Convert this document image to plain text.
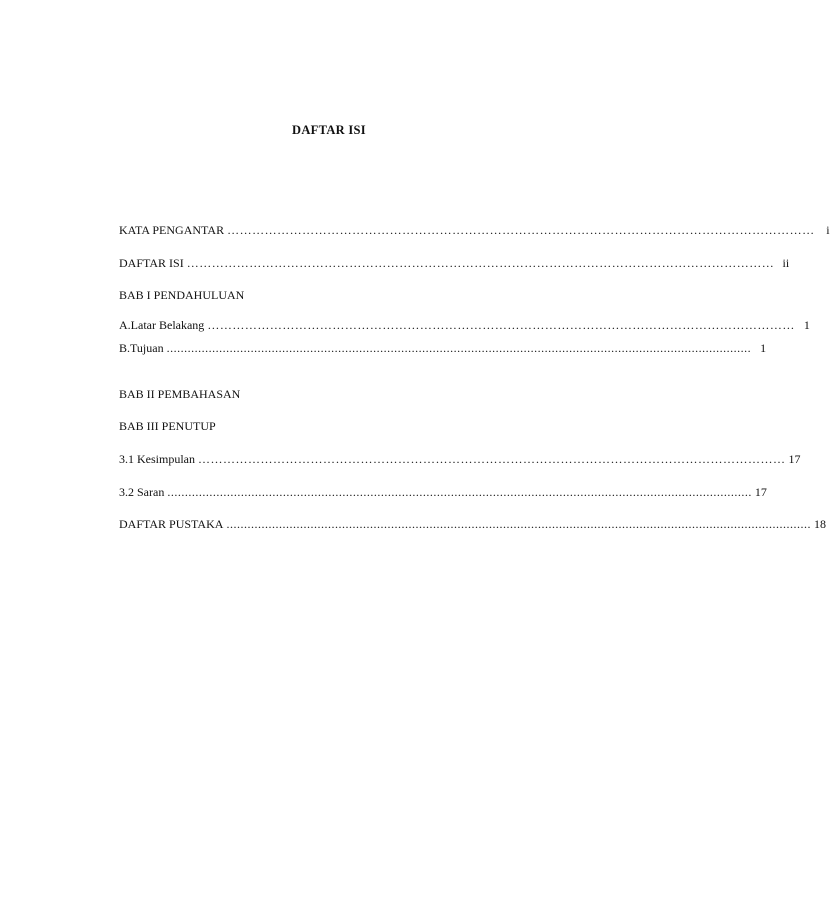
DAFTAR ISI
KATA PENGANTAR …………………………………………………………………………………………………………………………… i
DAFTAR ISI …………………………………………………………………………………………………………………………… ii
BAB I PENDAHULUAN
A. Latar Belakang …………………………………………………………………………………………………………………………… 1
B. Tujuan ....................................................................................................................................................................... 1
BAB II PEMBAHASAN
BAB III PENUTUP
3.1 Kesimpulan …………………………………………………………………………………………………………………………… 17
3.2 Saran ....................................................................................................................................................................... 17
DAFTAR PUSTAKA ....................................................................................................................................................................... 18
